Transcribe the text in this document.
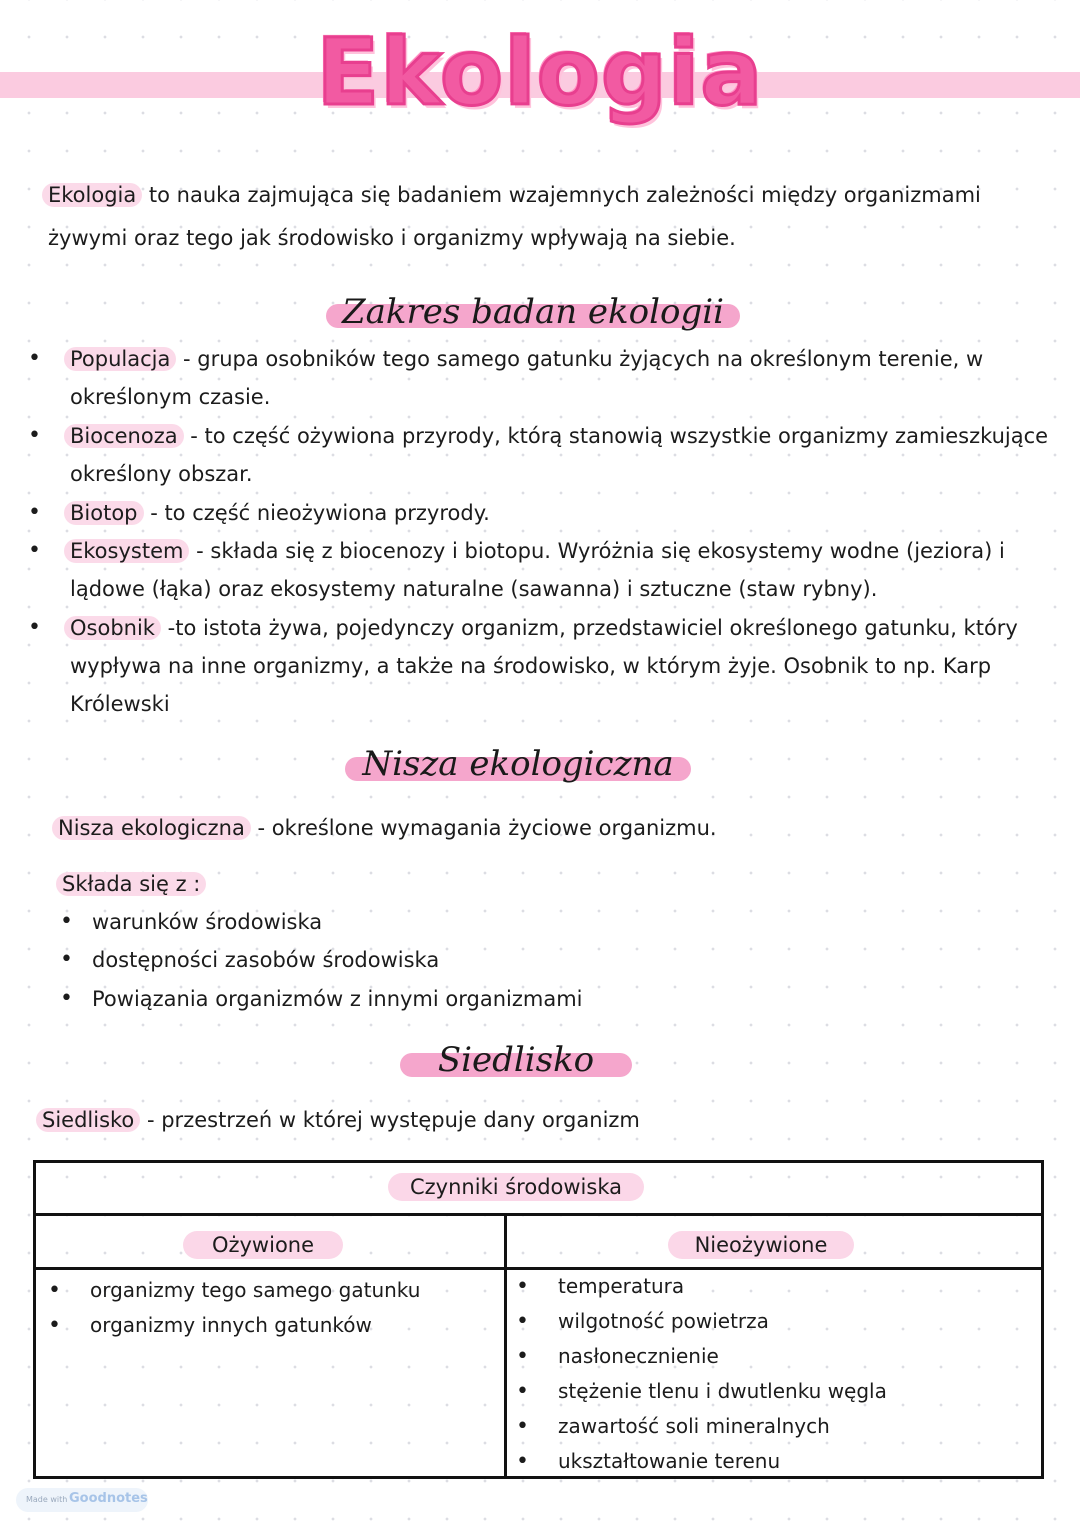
Ekologia
Ekologia to nauka zajmująca się badaniem wzajemnych zależności między organizmami
żywymi oraz tego jak środowisko i organizmy wpływają na siebie.
Zakres badan ekologii
• Populacja - grupa osobników tego samego gatunku żyjących na określonym terenie, w
określonym czasie.
• Biocenoza - to część ożywiona przyrody, którą stanowią wszystkie organizmy zamieszkujące
określony obszar.
• Biotop - to część nieożywiona przyrody.
• Ekosystem - składa się z biocenozy i biotopu. Wyróżnia się ekosystemy wodne (jeziora) i
lądowe (łąka) oraz ekosystemy naturalne (sawanna) i sztuczne (staw rybny).
• Osobnik -to istota żywa, pojedynczy organizm, przedstawiciel określonego gatunku, który
wypływa na inne organizmy, a także na środowisko, w którym żyje. Osobnik to np. Karp
Królewski
Nisza ekologiczna
Nisza ekologiczna - określone wymagania życiowe organizmu.
Składa się z :
• warunków środowiska
• dostępności zasobów środowiska
• Powiązania organizmów z innymi organizmami
Siedlisko
Siedlisko - przestrzeń w której występuje dany organizm
Czynniki środowiska
Ożywione	Nieożywione
• organizmy tego samego gatunku
• organizmy innych gatunków
• temperatura
• wilgotność powietrza
• nasłonecznienie
• stężenie tlenu i dwutlenku węgla
• zawartość soli mineralnych
• ukształtowanie terenu
Made with Goodnotes
